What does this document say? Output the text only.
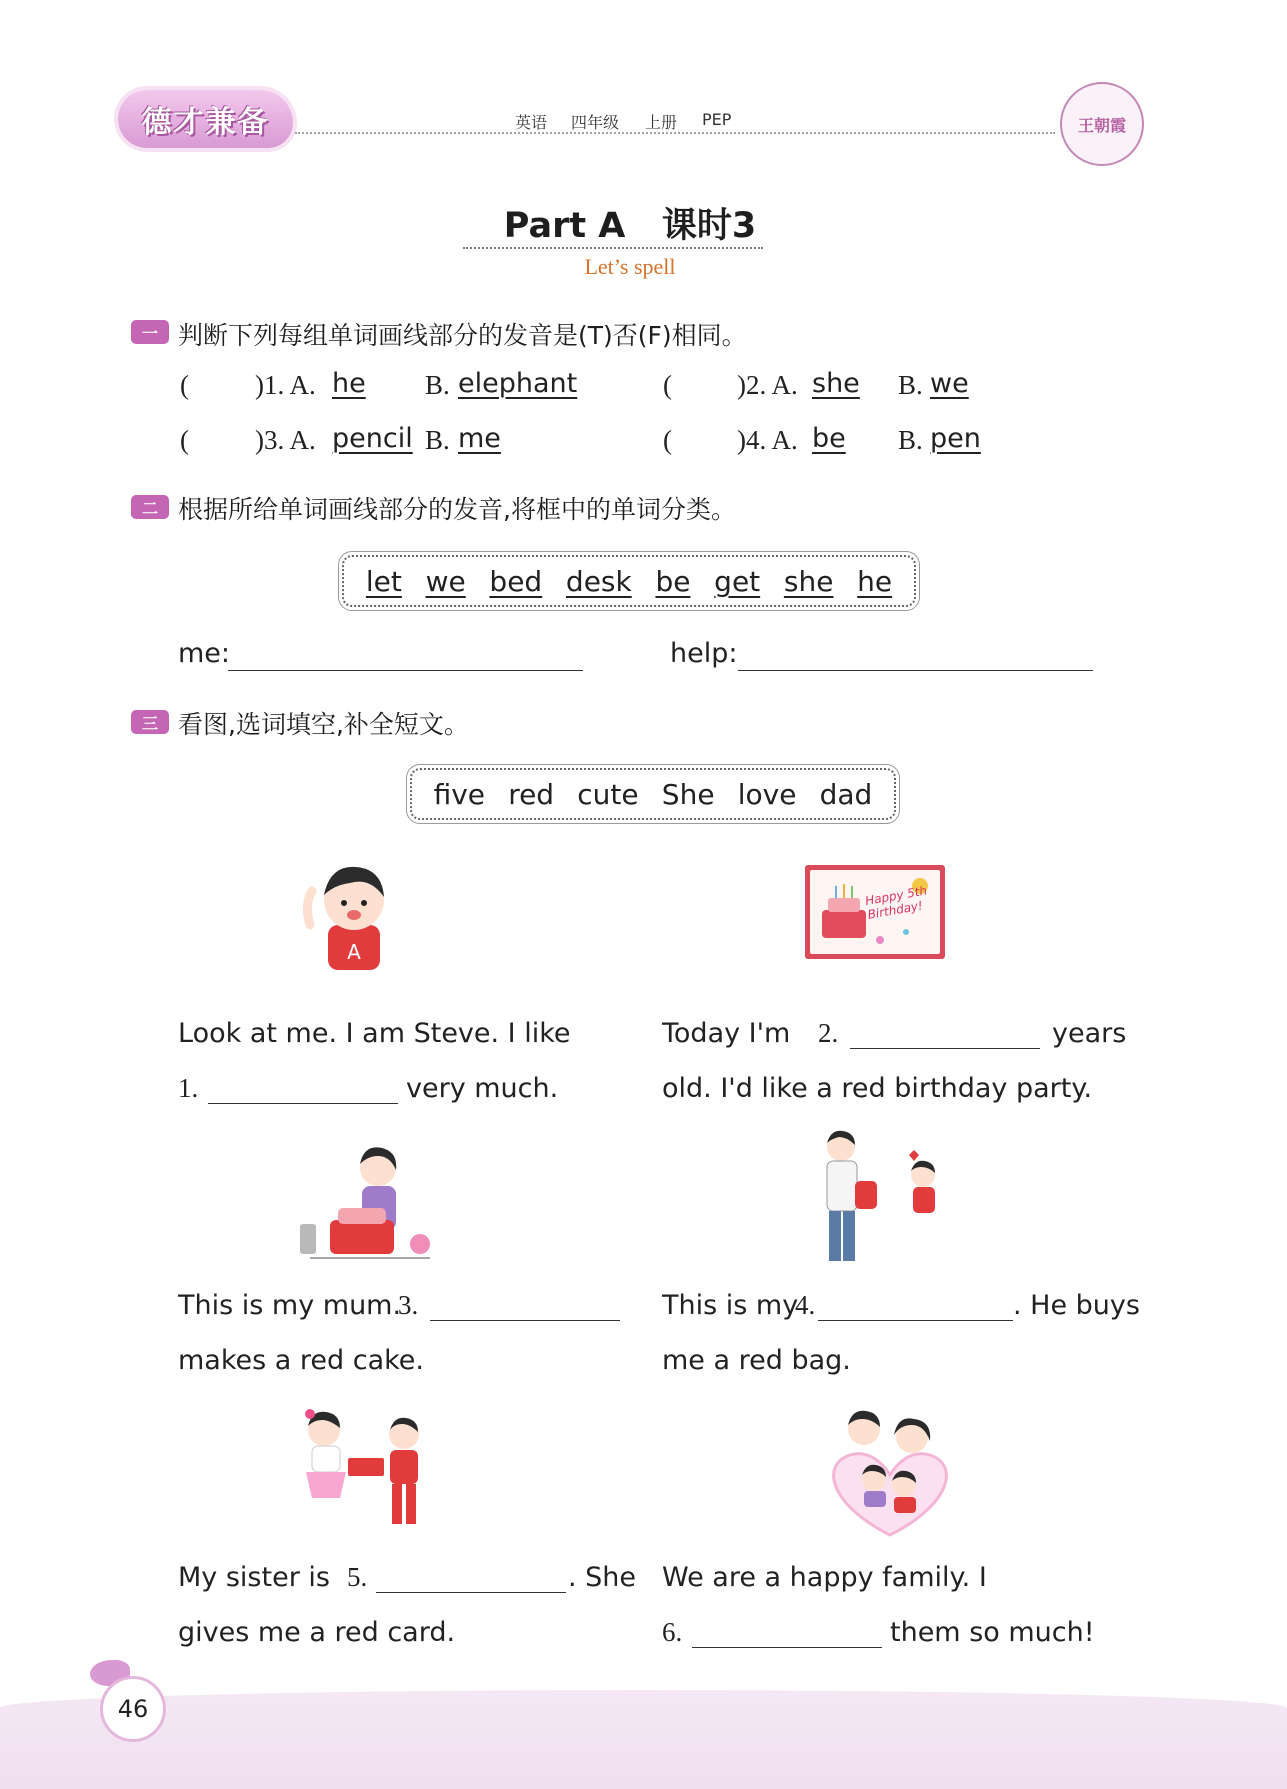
德才兼备	英语 四年级 上册 PEP	王朝霞
Part A   课时3
Let’s spell
一 判断下列每组单词画线部分的发音是(T)否(F)相同。
( )1. A. he B. elephant	( )2. A. she B. we
( )3. A. pencil B. me	( )4. A. be B. pen
二 根据所给单词画线部分的发音,将框中的单词分类。
let we bed desk be get she he
me:	help:
三 看图,选词填空,补全短文。
five red cute She love dad
A
Happy 5th Birthday!
Look at me. I am Steve. I like
1.	very much.
Today I'm 2.	years
old. I'd like a red birthday party.
This is my mum.
3.
makes a red cake.
This is my
4.	. He buys
me a red bag.
My sister is 5.	. She
gives me a red card.
We are a happy family. I
6.	them so much!
46
